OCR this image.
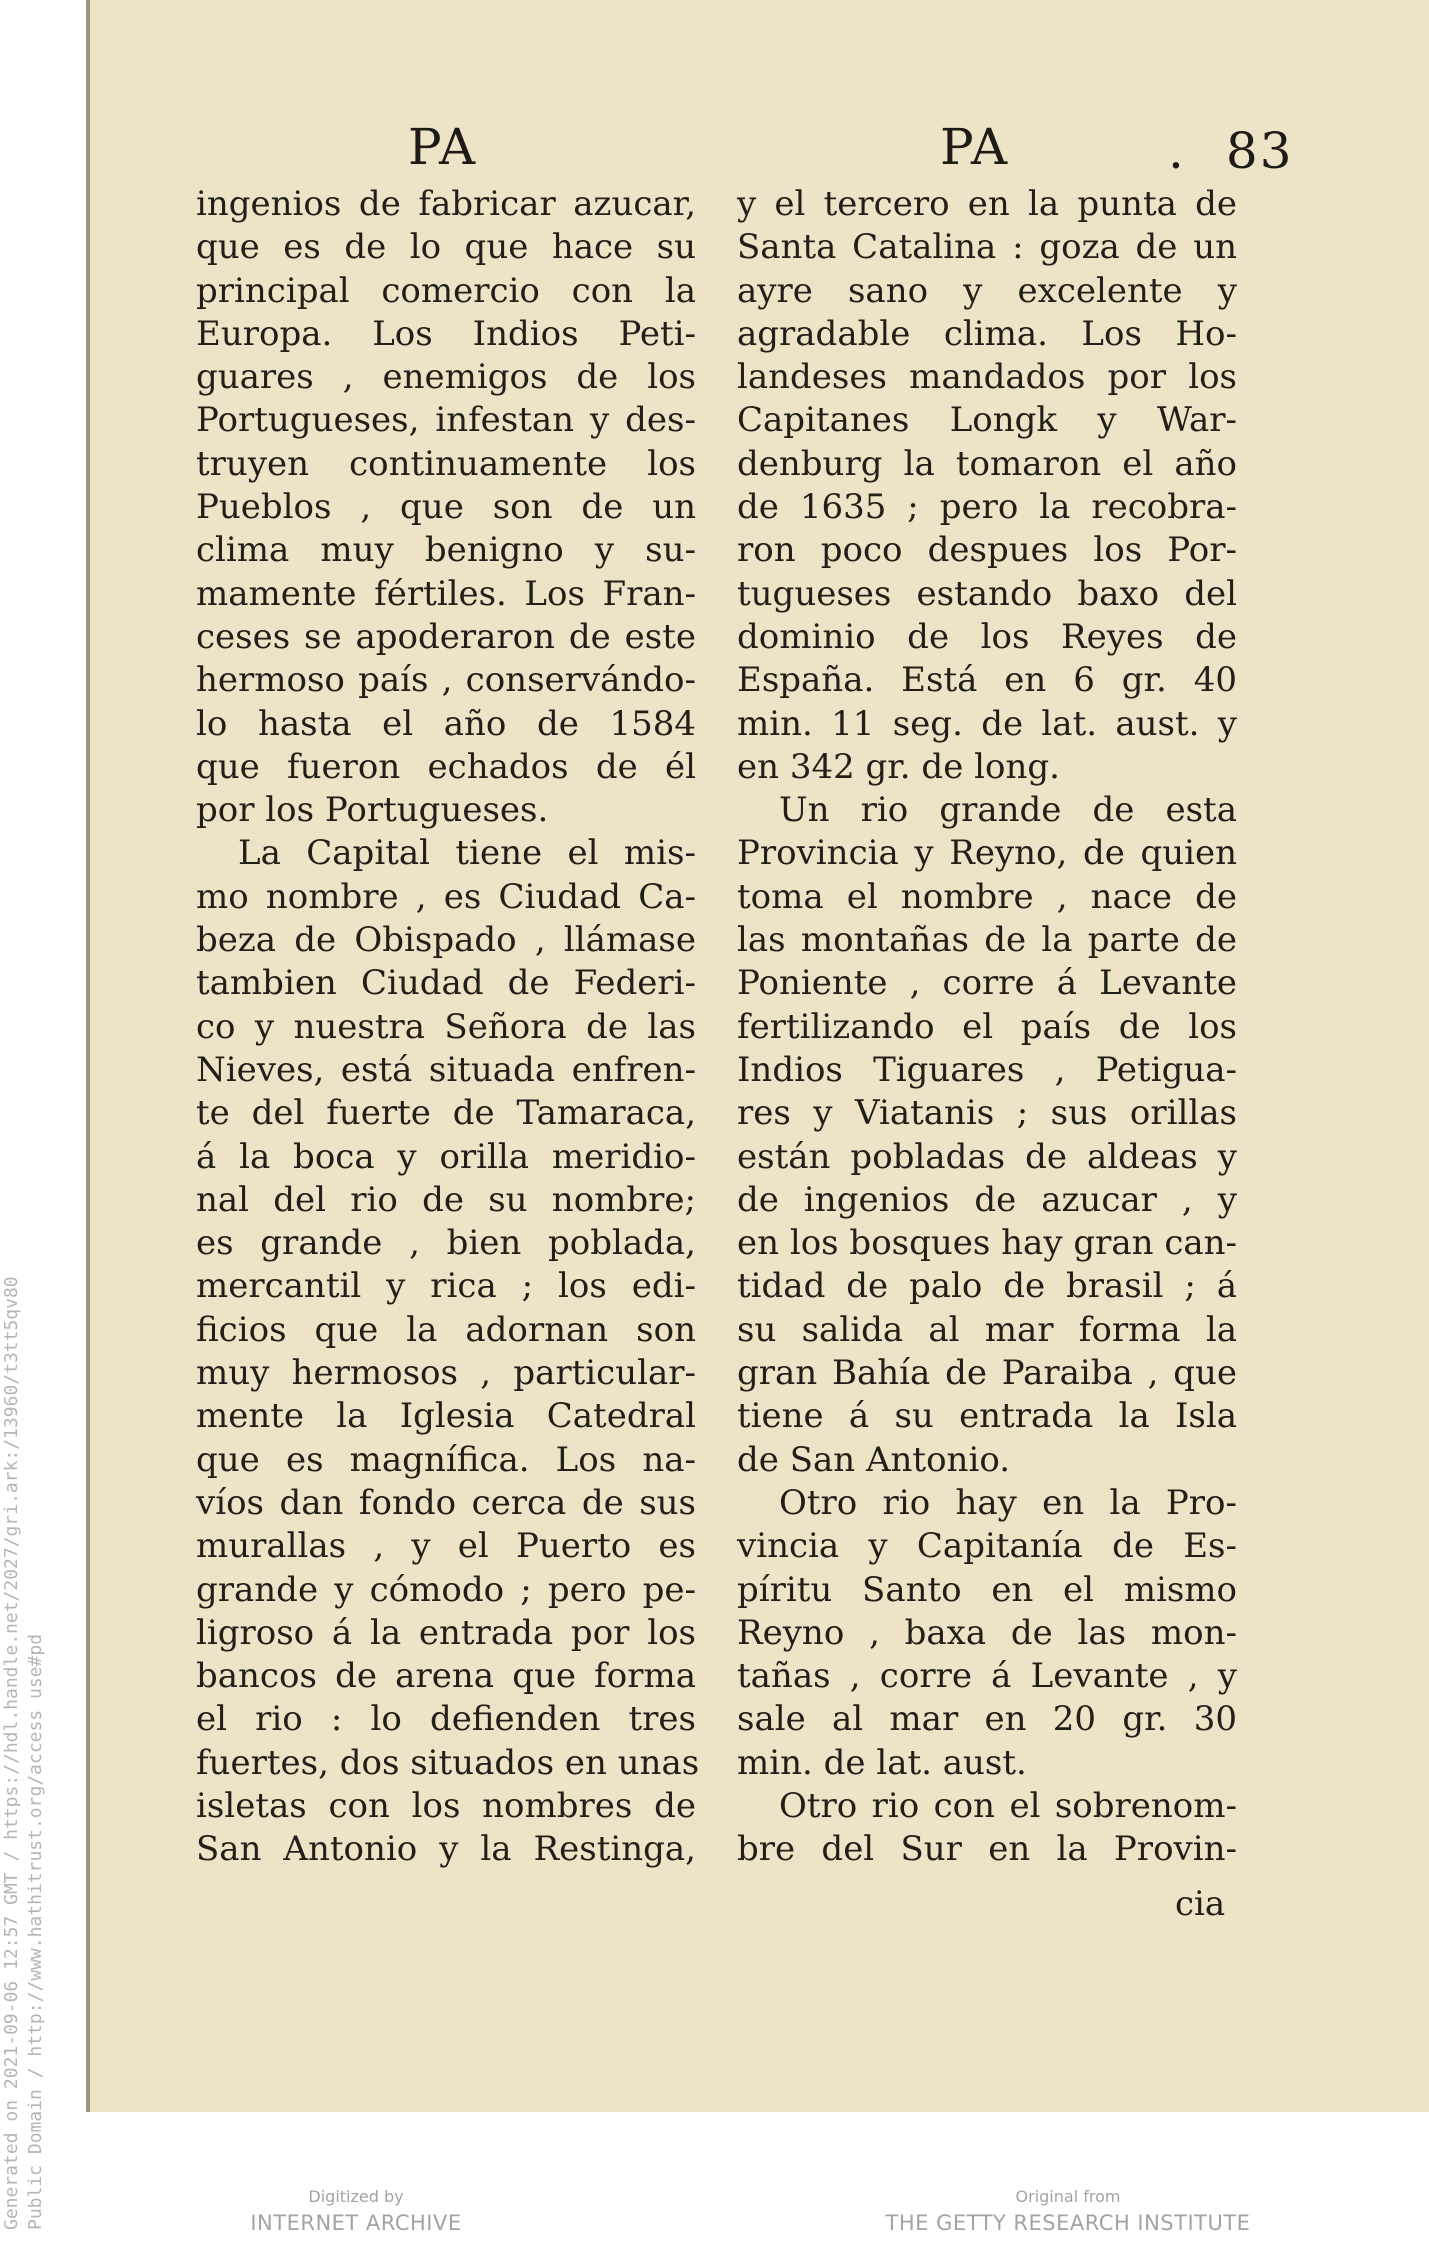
PA	PA	. 83
ingenios de fabricar azucar,
que es de lo que hace su
principal comercio con la
Europa. Los Indios Peti-
guares , enemigos de los
Portugueses, infestan y des-
truyen continuamente los
Pueblos , que son de un
clima muy benigno y su-
mamente fértiles. Los Fran-
ceses se apoderaron de este
hermoso país , conservándo-
lo hasta el año de 1584
que fueron echados de él
por los Portugueses.
La Capital tiene el mis-
mo nombre , es Ciudad Ca-
beza de Obispado , llámase
tambien Ciudad de Federi-
co y nuestra Señora de las
Nieves, está situada enfren-
te del fuerte de Tamaraca,
á la boca y orilla meridio-
nal del rio de su nombre;
es grande , bien poblada,
mercantil y rica ; los edi-
ficios que la adornan son
muy hermosos , particular-
mente la Iglesia Catedral
que es magnífica. Los na-
víos dan fondo cerca de sus
murallas , y el Puerto es
grande y cómodo ; pero pe-
ligroso á la entrada por los
bancos de arena que forma
el rio : lo defienden tres
fuertes, dos situados en unas
isletas con los nombres de
San Antonio y la Restinga,
y el tercero en la punta de
Santa Catalina : goza de un
ayre sano y excelente y
agradable clima. Los Ho-
landeses mandados por los
Capitanes Longk y War-
denburg la tomaron el año
de 1635 ; pero la recobra-
ron poco despues los Por-
tugueses estando baxo del
dominio de los Reyes de
España. Está en 6 gr. 40
min. 11 seg. de lat. aust. y
en 342 gr. de long.
Un rio grande de esta
Provincia y Reyno, de quien
toma el nombre , nace de
las montañas de la parte de
Poniente , corre á Levante
fertilizando el país de los
Indios Tiguares , Petigua-
res y Viatanis ; sus orillas
están pobladas de aldeas y
de ingenios de azucar , y
en los bosques hay gran can-
tidad de palo de brasil ; á
su salida al mar forma la
gran Bahía de Paraiba , que
tiene á su entrada la Isla
de San Antonio.
Otro rio hay en la Pro-
vincia y Capitanía de Es-
píritu Santo en el mismo
Reyno , baxa de las mon-
tañas , corre á Levante , y
sale al mar en 20 gr. 30
min. de lat. aust.
Otro rio con el sobrenom-
bre del Sur en la Provin-
cia
Generated on 2021-09-06 12:57 GMT / https://hdl.handle.net/2027/gri.ark:/13960/t3tt5qv80 Public Domain / http://www.hathitrust.org/access use#pd	Digitized by
INTERNET ARCHIVE
Original from
THE GETTY RESEARCH INSTITUTE
